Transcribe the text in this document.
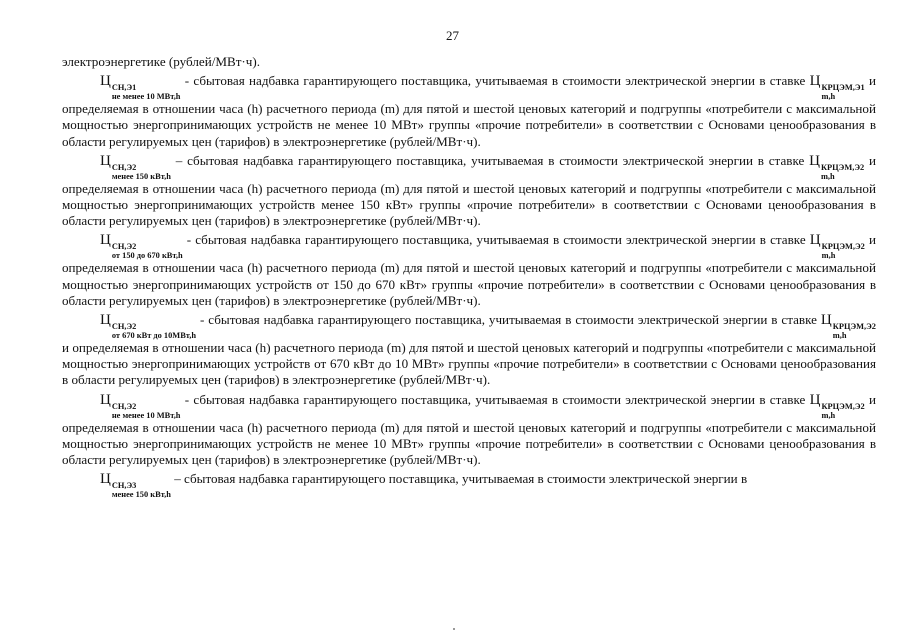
27

электроэнергетике (рублей/МВт·ч).

Ц СН,Э1
не менее 10 МВт,h
- сбытовая надбавка гарантирующего поставщика, учитываемая в стоимости электрической энергии в ставке Ц КРЦЭМ,Э1
m,h
и определяемая в отношении часа (h) расчетного периода (m) для пятой и шестой ценовых категорий и подгруппы «потребители с максимальной мощностью энергопринимающих устройств не менее 10 МВт» группы «прочие потребители» в соответствии с Основами ценообразования в области регулируемых цен (тарифов) в электроэнергетике (рублей/МВт·ч).

Ц СН,Э2
менее 150 кВт,h
– сбытовая надбавка гарантирующего поставщика, учитываемая в стоимости электрической энергии в ставке Ц КРЦЭМ,Э2
m,h
и определяемая в отношении часа (h) расчетного периода (m) для пятой и шестой ценовых категорий и подгруппы «потребители с максимальной мощностью энергопринимающих устройств менее 150 кВт» группы «прочие потребители» в соответствии с Основами ценообразования в области регулируемых цен (тарифов) в электроэнергетике (рублей/МВт·ч).

Ц СН,Э2
от 150 до 670 кВт,h
- сбытовая надбавка гарантирующего поставщика, учитываемая в стоимости электрической энергии в ставке Ц КРЦЭМ,Э2
m,h
и определяемая в отношении часа (h) расчетного периода (m) для пятой и шестой ценовых категорий и подгруппы «потребители с максимальной мощностью энергопринимающих устройств от 150 до 670 кВт» группы «прочие потребители» в соответствии с Основами ценообразования в области регулируемых цен (тарифов) в электроэнергетике (рублей/МВт·ч).

Ц СН,Э2
от 670 кВт до 10МВт,h
- сбытовая надбавка гарантирующего поставщика, учитываемая в стоимости электрической энергии в ставке Ц КРЦЭМ,Э2
m,h
и определяемая в отношении часа (h) расчетного периода (m) для пятой и шестой ценовых категорий и подгруппы «потребители с максимальной мощностью энергопринимающих устройств от 670 кВт до 10 МВт» группы «прочие потребители» в соответствии с Основами ценообразования в области регулируемых цен (тарифов) в электроэнергетике (рублей/МВт·ч).

Ц СН,Э2
не менее 10 МВт,h
- сбытовая надбавка гарантирующего поставщика, учитываемая в стоимости электрической энергии в ставке Ц КРЦЭМ,Э2
m,h
и определяемая в отношении часа (h) расчетного периода (m) для пятой и шестой ценовых категорий и подгруппы «потребители с максимальной мощностью энергопринимающих устройств не менее 10 МВт» группы «прочие потребители» в соответствии с Основами ценообразования в области регулируемых цен (тарифов) в электроэнергетике (рублей/МВт·ч).

Ц СН,Э3
менее 150 кВт,h
– сбытовая надбавка гарантирующего поставщика, учитываемая в стоимости электрической энергии в
